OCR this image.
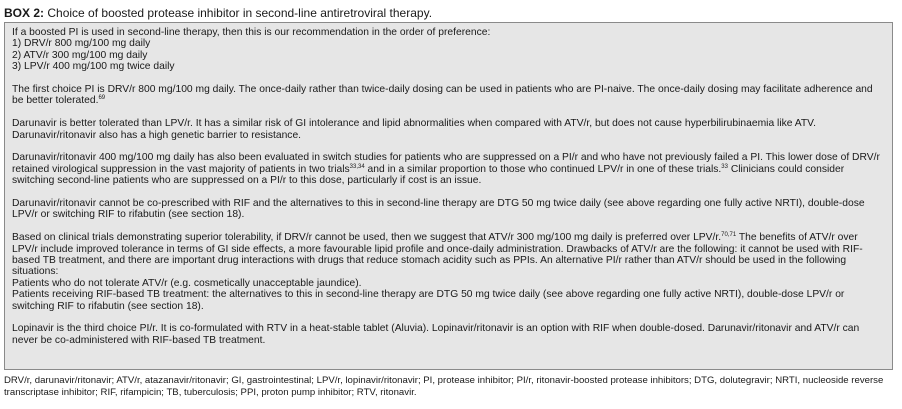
BOX 2: Choice of boosted protease inhibitor in second-line antiretroviral therapy.

If a boosted PI is used in second-line therapy, then this is our recommendation in the order of preference:

1) DRV/r 800 mg/100 mg daily

2) ATV/r 300 mg/100 mg daily

3) LPV/r 400 mg/100 mg twice daily

The first choice PI is DRV/r 800 mg/100 mg daily. The once-daily rather than twice-daily dosing can be used in patients who are PI-naive. The once-daily dosing may facilitate adherence and be better tolerated.$^{69}$

Darunavir is better tolerated than LPV/r. It has a similar risk of GI intolerance and lipid abnormalities when compared with ATV/r, but does not cause hyperbilirubinaemia like ATV. Darunavir/ritonavir also has a high genetic barrier to resistance.

Darunavir/ritonavir 400 mg/100 mg daily has also been evaluated in switch studies for patients who are suppressed on a PI/r and who have not previously failed a PI. This lower dose of DRV/r retained virological suppression in the vast majority of patients in two trials$^{33,34}$ and in a similar proportion to those who continued LPV/r in one of these trials.$^{33}$ Clinicians could consider switching second-line patients who are suppressed on a PI/r to this dose, particularly if cost is an issue.

Darunavir/ritonavir cannot be co-prescribed with RIF and the alternatives to this in second-line therapy are DTG 50 mg twice daily (see above regarding one fully active NRTI), double-dose LPV/r or switching RIF to rifabutin (see section 18).

Based on clinical trials demonstrating superior tolerability, if DRV/r cannot be used, then we suggest that ATV/r 300 mg/100 mg daily is preferred over LPV/r.$^{70,71}$ The benefits of ATV/r over LPV/r include improved tolerance in terms of GI side effects, a more favourable lipid profile and once-daily administration. Drawbacks of ATV/r are the following: it cannot be used with RIF-based TB treatment, and there are important drug interactions with drugs that reduce stomach acidity such as PPIs. An alternative PI/r rather than ATV/r should be used in the following situations:

Patients who do not tolerate ATV/r (e.g. cosmetically unacceptable jaundice).

Patients receiving RIF-based TB treatment: the alternatives to this in second-line therapy are DTG 50 mg twice daily (see above regarding one fully active NRTI), double-dose LPV/r or switching RIF to rifabutin (see section 18).

Lopinavir is the third choice PI/r. It is co-formulated with RTV in a heat-stable tablet (Aluvia). Lopinavir/ritonavir is an option with RIF when double-dosed. Darunavir/ritonavir and ATV/r can never be co-administered with RIF-based TB treatment.

DRV/r, darunavir/ritonavir; ATV/r, atazanavir/ritonavir; GI, gastrointestinal; LPV/r, lopinavir/ritonavir; PI, protease inhibitor; PI/r, ritonavir-boosted protease inhibitors; DTG, dolutegravir; NRTI, nucleoside reverse transcriptase inhibitor; RIF, rifampicin; TB, tuberculosis; PPI, proton pump inhibitor; RTV, ritonavir.
